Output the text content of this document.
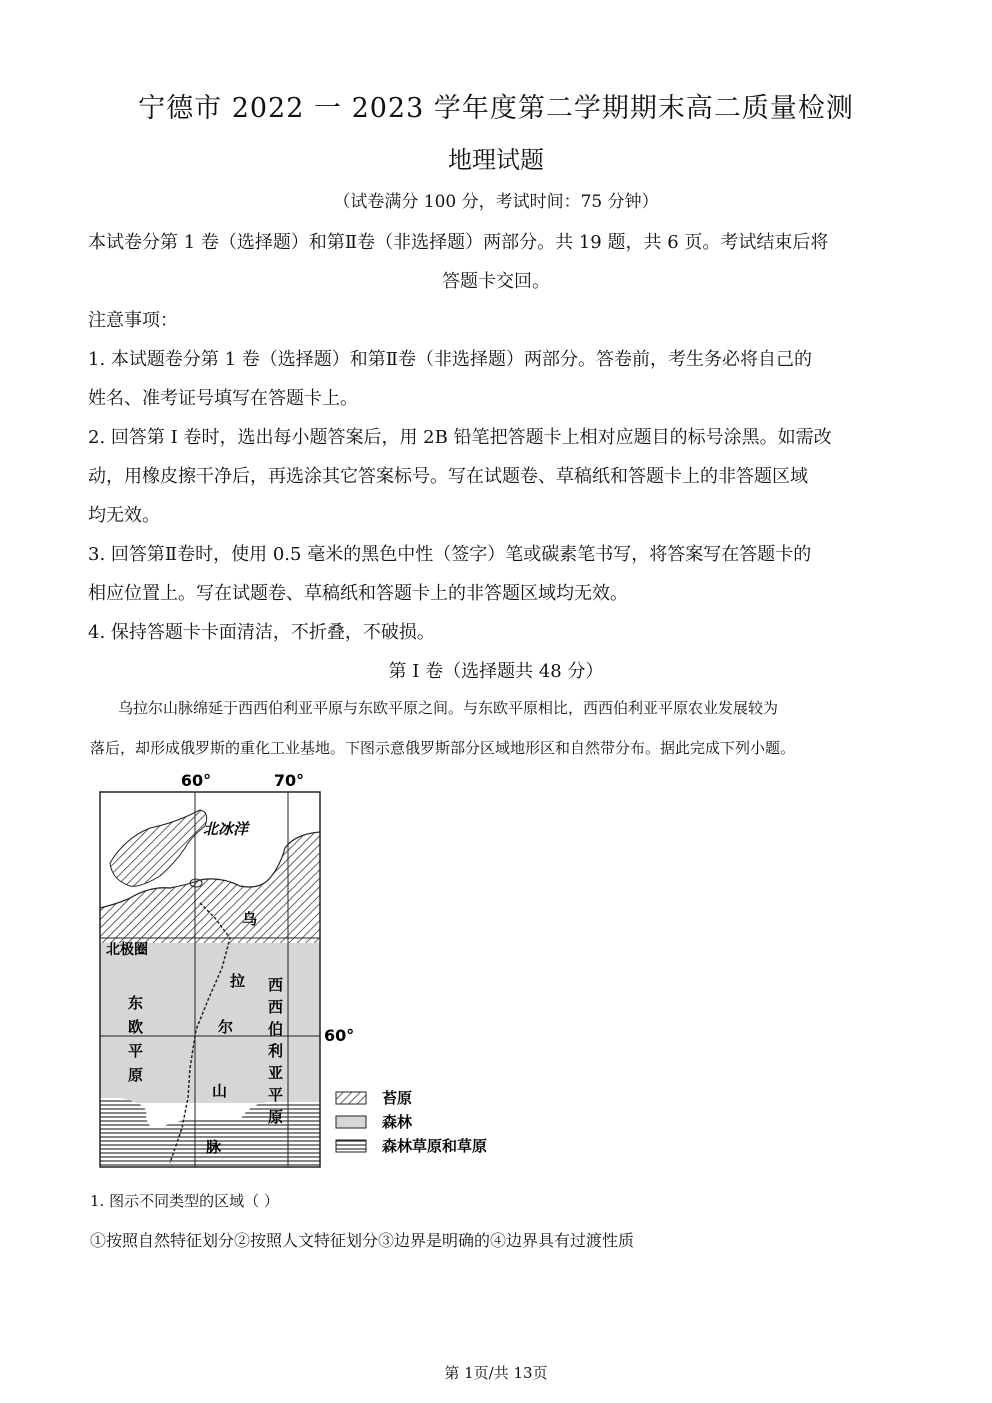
宁德市 2022 一 2023 学年度第二学期期末高二质量检测
地理试题
（试卷满分 100 分，考试时间：75 分钟）
本试卷分第 1 卷（选择题）和第Ⅱ卷（非选择题）两部分。共 19 题，共 6 页。考试结束后将
答题卡交回。
注意事项：
1. 本试题卷分第 1 卷（选择题）和第Ⅱ卷（非选择题）两部分。答卷前，考生务必将自己的
姓名、准考证号填写在答题卡上。
2. 回答第 I 卷时，选出每小题答案后，用 2B 铅笔把答题卡上相对应题目的标号涂黑。如需改
动，用橡皮擦干净后，再选涂其它答案标号。写在试题卷、草稿纸和答题卡上的非答题区域
均无效。
3. 回答第Ⅱ卷时，使用 0.5 毫米的黑色中性（签字）笔或碳素笔书写，将答案写在答题卡的
相应位置上。写在试题卷、草稿纸和答题卡上的非答题区域均无效。
4. 保持答题卡卡面清洁，不折叠，不破损。
第 I 卷（选择题共 48 分）
乌拉尔山脉绵延于西西伯利亚平原与东欧平原之间。与东欧平原相比，西西伯利亚平原农业发展较为
落后，却形成俄罗斯的重化工业基地。下图示意俄罗斯部分区域地形区和自然带分布。据此完成下列小题。
60°	70°
60°
北冰洋
北极圈
东
欧
平
原
西
西
伯
利
亚
平
原
乌
拉
尔
山
脉
苔原
森林
森林草原和草原
1. 图示不同类型的区域（ ）
①按照自然特征划分②按照人文特征划分③边界是明确的④边界具有过渡性质
第 1页/共 13页
